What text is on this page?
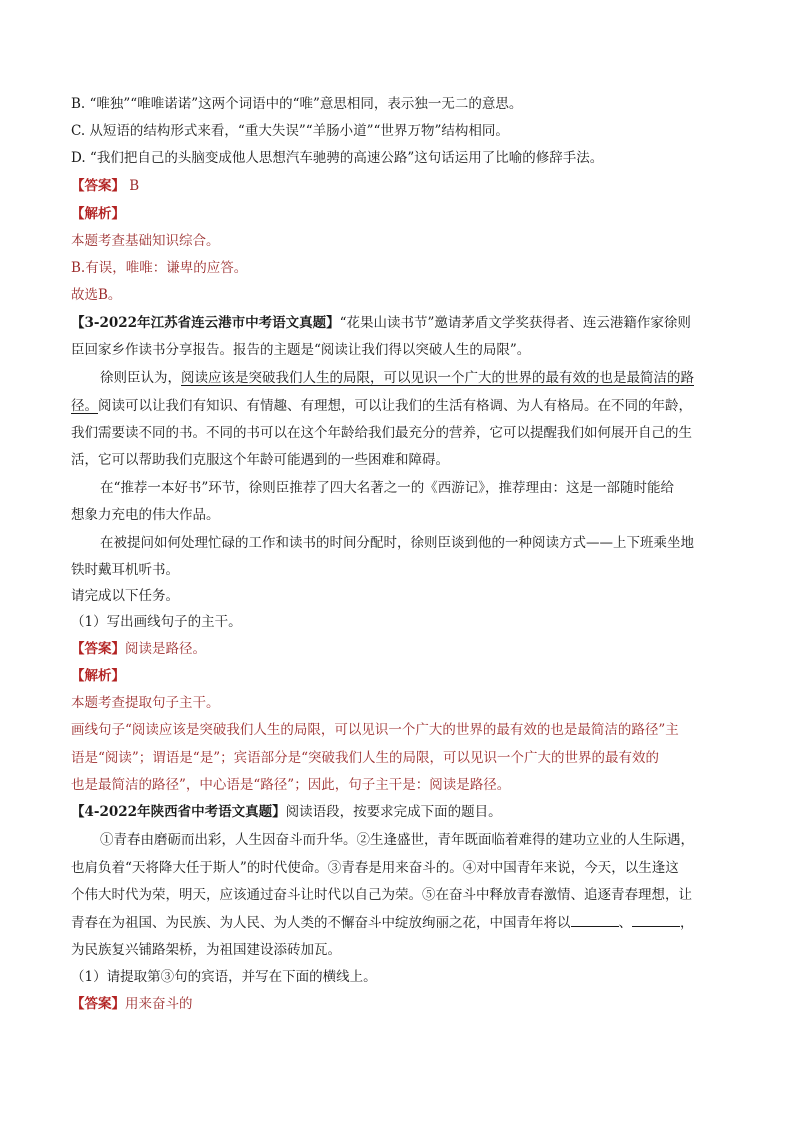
B. “唯独”“唯唯诺诺”这两个词语中的“唯”意思相同，表示独一无二的意思。
C. 从短语的结构形式来看，“重大失误”“羊肠小道”“世界万物”结构相同。
D. “我们把自己的头脑变成他人思想汽车驰骋的高速公路”这句话运用了比喻的修辞手法。
【答案】 B
【解析】
本题考查基础知识综合。
B.有误，唯唯：谦卑的应答。
故选B。
【3-2022年江苏省连云港市中考语文真题】“花果山读书节”邀请茅盾文学奖获得者、连云港籍作家徐则
臣回家乡作读书分享报告。报告的主题是“阅读让我们得以突破人生的局限”。
徐则臣认为，阅读应该是突破我们人生的局限，可以见识一个广大的世界的最有效的也是最简洁的路
径。阅读可以让我们有知识、有情趣、有理想，可以让我们的生活有格调、为人有格局。在不同的年龄，
我们需要读不同的书。不同的书可以在这个年龄给我们最充分的营养，它可以提醒我们如何展开自己的生
活，它可以帮助我们克服这个年龄可能遇到的一些困难和障碍。
在“推荐一本好书”环节，徐则臣推荐了四大名著之一的《西游记》，推荐理由：这是一部随时能给
想象力充电的伟大作品。
在被提问如何处理忙碌的工作和读书的时间分配时，徐则臣谈到他的一种阅读方式——上下班乘坐地
铁时戴耳机听书。
请完成以下任务。
（1）写出画线句子的主干。
【答案】阅读是路径。
【解析】
本题考查提取句子主干。
画线句子“阅读应该是突破我们人生的局限，可以见识一个广大的世界的最有效的也是最简洁的路径”主
语是“阅读”；谓语是“是”；宾语部分是“突破我们人生的局限，可以见识一个广大的世界的最有效的
也是最简洁的路径”，中心语是“路径”；因此，句子主干是：阅读是路径。
【4-2022年陕西省中考语文真题】阅读语段，按要求完成下面的题目。
①青春由磨砺而出彩，人生因奋斗而升华。②生逢盛世，青年既面临着难得的建功立业的人生际遇，
也肩负着“天将降大任于斯人”的时代使命。③青春是用来奋斗的。④对中国青年来说，今天，以生逢这
个伟大时代为荣，明天，应该通过奋斗让时代以自己为荣。⑤在奋斗中释放青春激情、追逐青春理想，让
青春在为祖国、为民族、为人民、为人类的不懈奋斗中绽放绚丽之花，中国青年将以	、	，
为民族复兴铺路架桥，为祖国建设添砖加瓦。
（1）请提取第③句的宾语，并写在下面的横线上。
【答案】用来奋斗的
